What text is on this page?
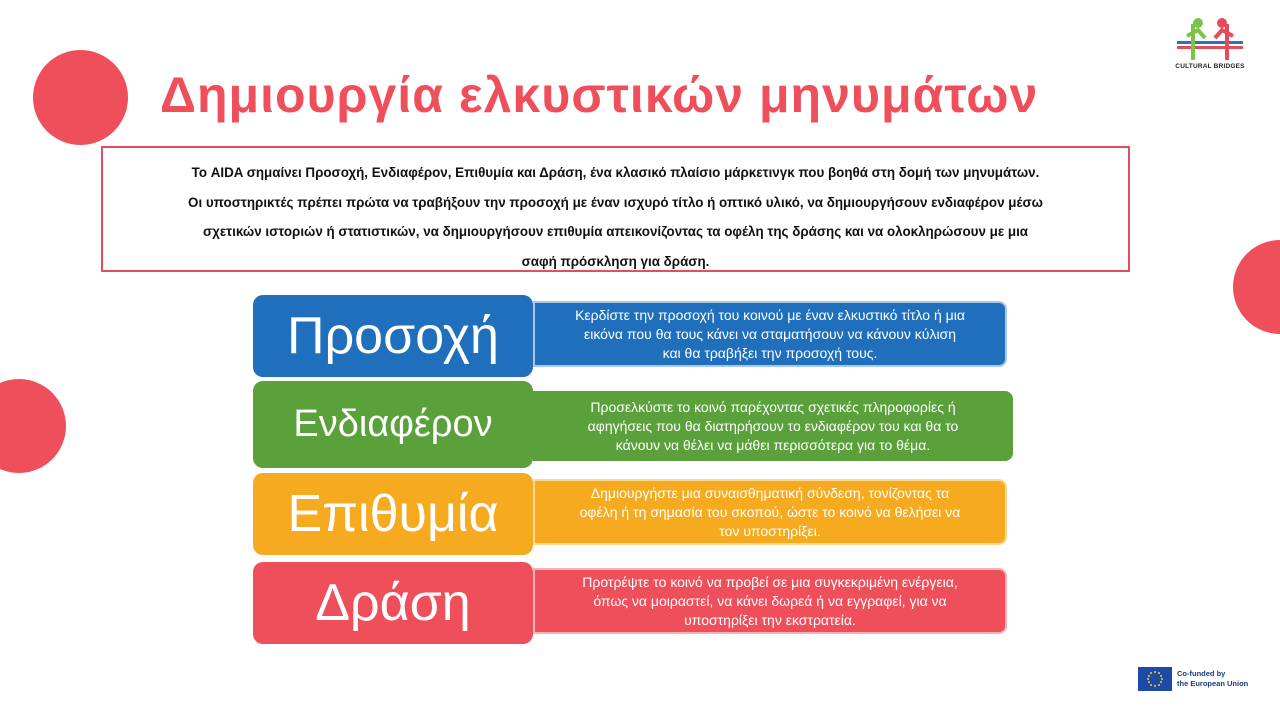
Δημιουργία ελκυστικών μηνυμάτων
CULTURAL BRIDGES
Το AIDA σημαίνει Προσοχή, Ενδιαφέρον, Επιθυμία και Δράση, ένα κλασικό πλαίσιο μάρκετινγκ που βοηθά στη δομή των μηνυμάτων.
Οι υποστηρικτές πρέπει πρώτα να τραβήξουν την προσοχή με έναν ισχυρό τίτλο ή οπτικό υλικό, να δημιουργήσουν ενδιαφέρον μέσω
σχετικών ιστοριών ή στατιστικών, να δημιουργήσουν επιθυμία απεικονίζοντας τα οφέλη της δράσης και να ολοκληρώσουν με μια
σαφή πρόσκληση για δράση.
Προσοχή	Κερδίστε την προσοχή του κοινού με έναν ελκυστικό τίτλο ή μια
εικόνα που θα τους κάνει να σταματήσουν να κάνουν κύλιση
και θα τραβήξει την προσοχή τους.
Ενδιαφέρον	Προσελκύστε το κοινό παρέχοντας σχετικές πληροφορίες ή
αφηγήσεις που θα διατηρήσουν το ενδιαφέρον του και θα το
κάνουν να θέλει να μάθει περισσότερα για το θέμα.
Επιθυμία	Δημιουργήστε μια συναισθηματική σύνδεση, τονίζοντας τα
οφέλη ή τη σημασία του σκοπού, ώστε το κοινό να θελήσει να
τον υποστηρίξει.
Δράση	Προτρέψτε το κοινό να προβεί σε μια συγκεκριμένη ενέργεια,
όπως να μοιραστεί, να κάνει δωρεά ή να εγγραφεί, για να
υποστηρίξει την εκστρατεία.
Co-funded by
the European Union
